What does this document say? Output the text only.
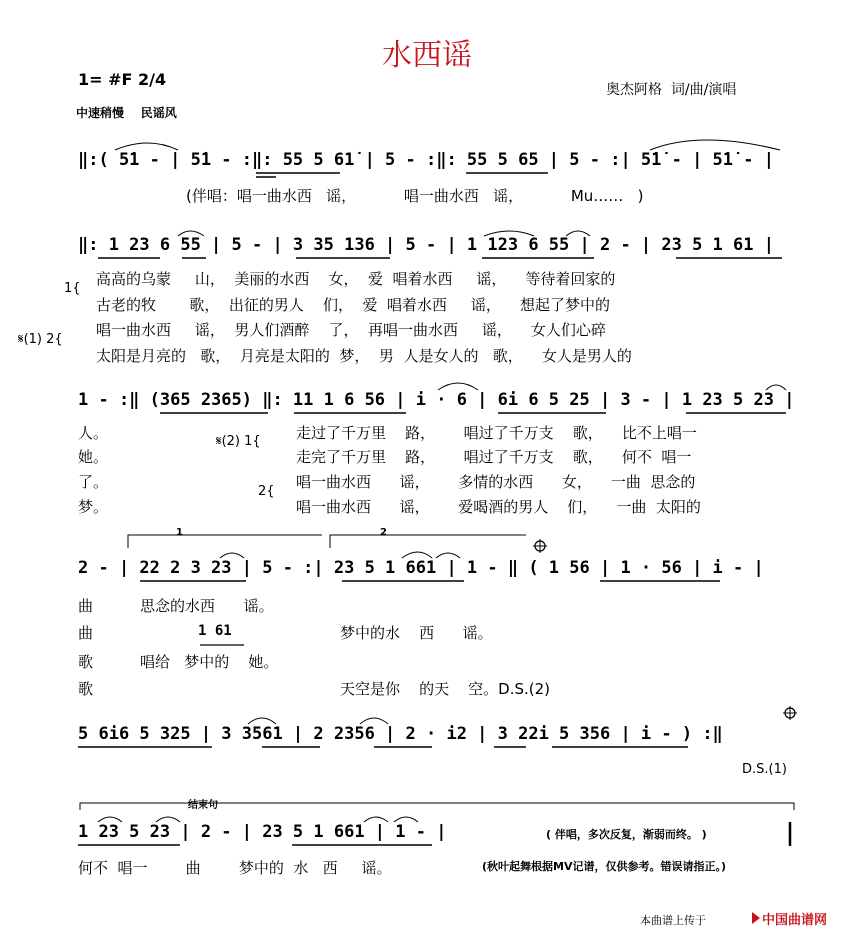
水西谣
1= #F 2/4
中速稍慢    民谣风
奥杰阿格  词/曲/演唱
‖:( 5̇1 - | 5̇1 - :‖: 55 5 61̇ | 5 - :‖: 55 5 65 | 5 - :| 5̇1̇ - | 5̇1̇ - |
(伴唱：唱一曲水西   谣，          唱一曲水西   谣，          Mu……   )
‖: 1 23 6 55 | 5 - | 3 35 136 | 5 - | 1 123 6 55 | 2 - | 23 5 1 61 |
高高的乌蒙     山，  美丽的水西    女，  爱  唱着水西     谣，    等待着回家的
古老的牧       歌，  出征的男人    们，  爱  唱着水西     谣，    想起了梦中的
唱一曲水西     谣，  男人们酒醉    了，  再唱一曲水西     谣，    女人们心碎
太阳是月亮的   歌，  月亮是太阳的  梦，  男  人是女人的   歌，    女人是男人的
1{
𝄋(1) 2{
1 - :‖ (365 2365) ‖: 11 1 6 56 | i · 6 | 6i 6 5 25 | 3 - | 1 23 5 23 |
人。
她。
了。
梦。
走过了千万里    路，      唱过了千万支    歌，    比不上唱一
走完了千万里    路，      唱过了千万支    歌，    何不  唱一
唱一曲水西      谣，      多情的水西      女，    一曲  思念的
唱一曲水西      谣，      爱喝酒的男人    们，    一曲  太阳的
𝄋(2) 1{
2{
1	2
2 - | 22 2 3 23 | 5 - :| 23 5 1 661 | 1 - ‖ ( 1 56 | 1 · 56 | i - |
曲	思念的水西      谣。
曲	梦中的水    西      谣。
1 61
歌	唱给   梦中的    她。
歌	天空是你    的天    空。D.S.(2)
5 6i6 5 325 | 3 3561 | 2 2356 | 2 · i2 | 3 22i 5 356 | i - ) :‖
D.S.(1)
结束句
1 23 5 23 | 2 - | 23 5 1 661 | 1 - |
何不  唱一        曲        梦中的  水   西     谣。
( 伴唱，多次反复，渐弱而终。 )
(秋叶起舞根据MV记谱，仅供参考。错误请指正。)
本曲谱上传于	中国曲谱网
